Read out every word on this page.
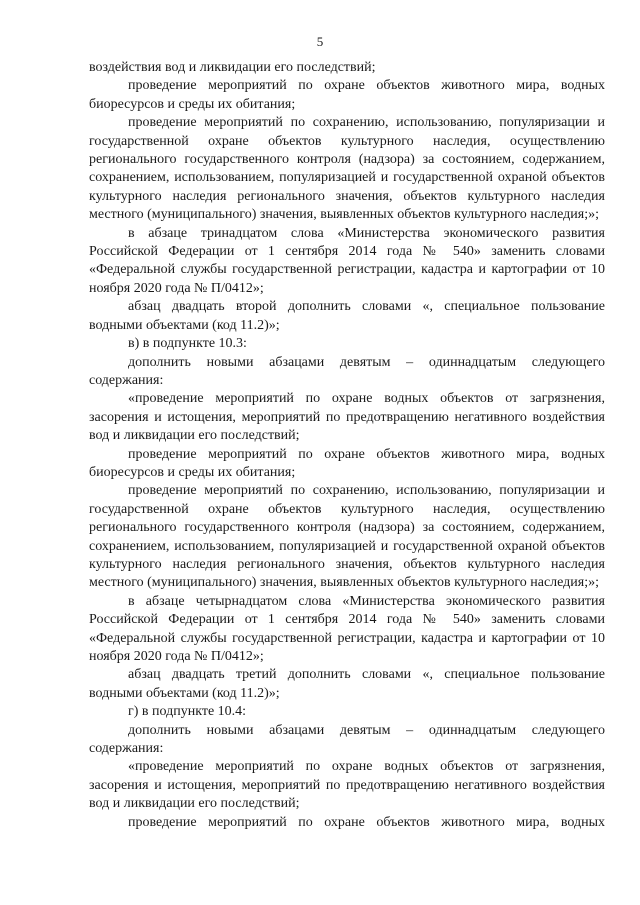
5

воздействия вод и ликвидации его последствий;

проведение мероприятий по охране объектов животного мира, водных биоресурсов и среды их обитания;

проведение мероприятий по сохранению, использованию, популяризации и государственной охране объектов культурного наследия, осуществлению регионального государственного контроля (надзора) за состоянием, содержанием, сохранением, использованием, популяризацией и государственной охраной объектов культурного наследия регионального значения, объектов культурного наследия местного (муниципального) значения, выявленных объектов культурного наследия;»;

в абзаце тринадцатом слова «Министерства экономического развития Российской Федерации от 1 сентября 2014 года № 540» заменить словами «Федеральной службы государственной регистрации, кадастра и картографии от 10 ноября 2020 года № П/0412»;

абзац двадцать второй дополнить словами «, специальное пользование водными объектами (код 11.2)»;

в) в подпункте 10.3:

дополнить новыми абзацами девятым – одиннадцатым следующего содержания:

«проведение мероприятий по охране водных объектов от загрязнения, засорения и истощения, мероприятий по предотвращению негативного воздействия вод и ликвидации его последствий;

проведение мероприятий по охране объектов животного мира, водных биоресурсов и среды их обитания;

проведение мероприятий по сохранению, использованию, популяризации и государственной охране объектов культурного наследия, осуществлению регионального государственного контроля (надзора) за состоянием, содержанием, сохранением, использованием, популяризацией и государственной охраной объектов культурного наследия регионального значения, объектов культурного наследия местного (муниципального) значения, выявленных объектов культурного наследия;»;

в абзаце четырнадцатом слова «Министерства экономического развития Российской Федерации от 1 сентября 2014 года № 540» заменить словами «Федеральной службы государственной регистрации, кадастра и картографии от 10 ноября 2020 года № П/0412»;

абзац двадцать третий дополнить словами «, специальное пользование водными объектами (код 11.2)»;

г) в подпункте 10.4:

дополнить новыми абзацами девятым – одиннадцатым следующего содержания:

«проведение мероприятий по охране водных объектов от загрязнения, засорения и истощения, мероприятий по предотвращению негативного воздействия вод и ликвидации его последствий;

проведение мероприятий по охране объектов животного мира, водных
